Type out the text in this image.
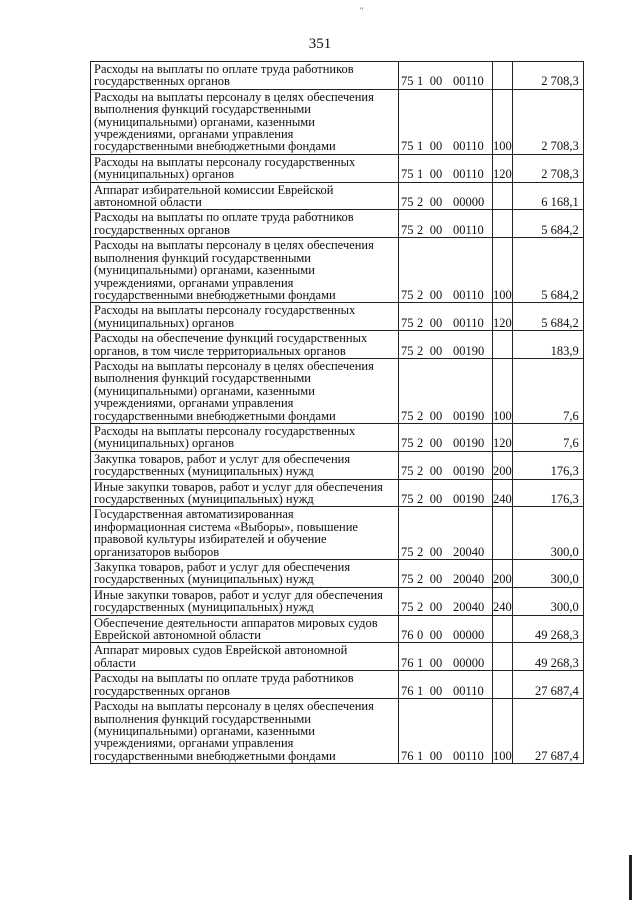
''
351
Расходы на выплаты по оплате труда работников
государственных органов	75 1 00 00110		2 708,3

Расходы на выплаты персоналу в целях обеспечения
выполнения функций государственными
(муниципальными) органами, казенными
учреждениями, органами управления
государственными внебюджетными фондами	75 1 00 00110	100	2 708,3

Расходы на выплаты персоналу государственных
(муниципальных) органов	75 1 00 00110	120	2 708,3

Аппарат избирательной комиссии Еврейской
автономной области	75 2 00 00000		6 168,1

Расходы на выплаты по оплате труда работников
государственных органов	75 2 00 00110		5 684,2

Расходы на выплаты персоналу в целях обеспечения
выполнения функций государственными
(муниципальными) органами, казенными
учреждениями, органами управления
государственными внебюджетными фондами	75 2 00 00110	100	5 684,2

Расходы на выплаты персоналу государственных
(муниципальных) органов	75 2 00 00110	120	5 684,2

Расходы на обеспечение функций государственных
органов, в том числе территориальных органов	75 2 00 00190		183,9

Расходы на выплаты персоналу в целях обеспечения
выполнения функций государственными
(муниципальными) органами, казенными
учреждениями, органами управления
государственными внебюджетными фондами	75 2 00 00190	100	7,6

Расходы на выплаты персоналу государственных
(муниципальных) органов	75 2 00 00190	120	7,6

Закупка товаров, работ и услуг для обеспечения
государственных (муниципальных) нужд	75 2 00 00190	200	176,3

Иные закупки товаров, работ и услуг для обеспечения
государственных (муниципальных) нужд	75 2 00 00190	240	176,3

Государственная автоматизированная
информационная система «Выборы», повышение
правовой культуры избирателей и обучение
организаторов выборов	75 2 00 20040		300,0

Закупка товаров, работ и услуг для обеспечения
государственных (муниципальных) нужд	75 2 00 20040	200	300,0

Иные закупки товаров, работ и услуг для обеспечения
государственных (муниципальных) нужд	75 2 00 20040	240	300,0

Обеспечение деятельности аппаратов мировых судов
Еврейской автономной области	76 0 00 00000		49 268,3

Аппарат мировых судов Еврейской автономной
области	76 1 00 00000		49 268,3

Расходы на выплаты по оплате труда работников
государственных органов	76 1 00 00110		27 687,4

Расходы на выплаты персоналу в целях обеспечения
выполнения функций государственными
(муниципальными) органами, казенными
учреждениями, органами управления
государственными внебюджетными фондами	76 1 00 00110	100	27 687,4
